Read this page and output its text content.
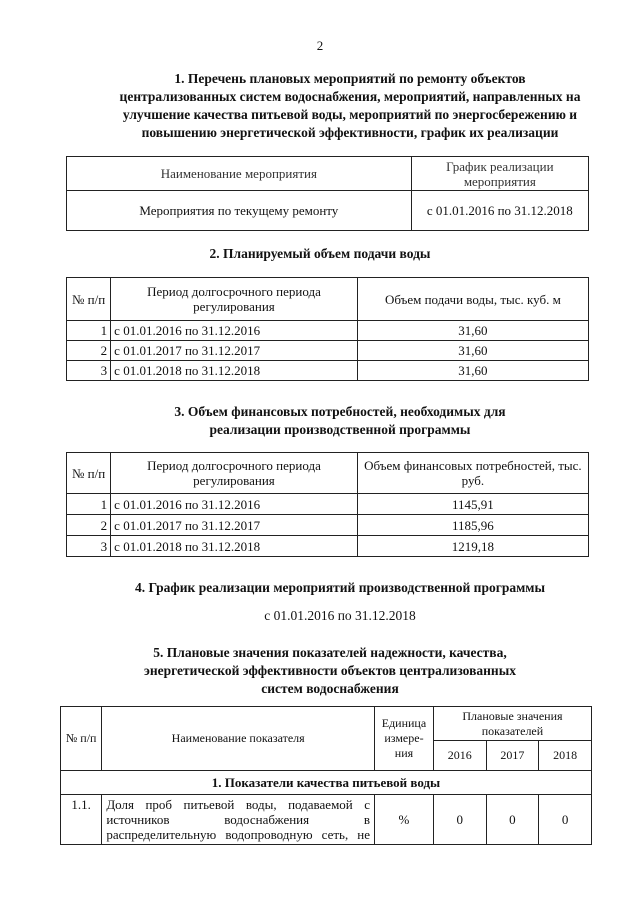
2
1. Перечень плановых мероприятий по ремонту объектов
централизованных систем водоснабжения, мероприятий, направленных на
улучшение качества питьевой воды, мероприятий по энергосбережению и
повышению энергетической эффективности, график их реализации
Наименование мероприятия	График реализации мероприятия
Мероприятия по текущему ремонту	с 01.01.2016 по 31.12.2018
2. Планируемый объем подачи воды
№ п/п	Период долгосрочного периода регулирования	Объем подачи воды, тыс. куб. м
1	с 01.01.2016 по 31.12.2016	31,60
2	с 01.01.2017 по 31.12.2017	31,60
3	с 01.01.2018 по 31.12.2018	31,60
3. Объем финансовых потребностей, необходимых для
реализации производственной программы
№ п/п	Период долгосрочного периода регулирования	Объем финансовых потребностей, тыс. руб.
1	с 01.01.2016 по 31.12.2016	1145,91
2	с 01.01.2017 по 31.12.2017	1185,96
3	с 01.01.2018 по 31.12.2018	1219,18
4. График реализации мероприятий производственной программы
с 01.01.2016 по 31.12.2018
5. Плановые значения показателей надежности, качества,
энергетической эффективности объектов централизованных
систем водоснабжения
№ п/п	Наименование показателя	Единица измере-ния	Плановые значения показателей		
			2016	2017	2018
1. Показатели качества питьевой воды					
1.1.	Доля проб питьевой воды, подаваемой с
источников водоснабжения в
распределительную водопроводную сеть, не	%	0	0	0
